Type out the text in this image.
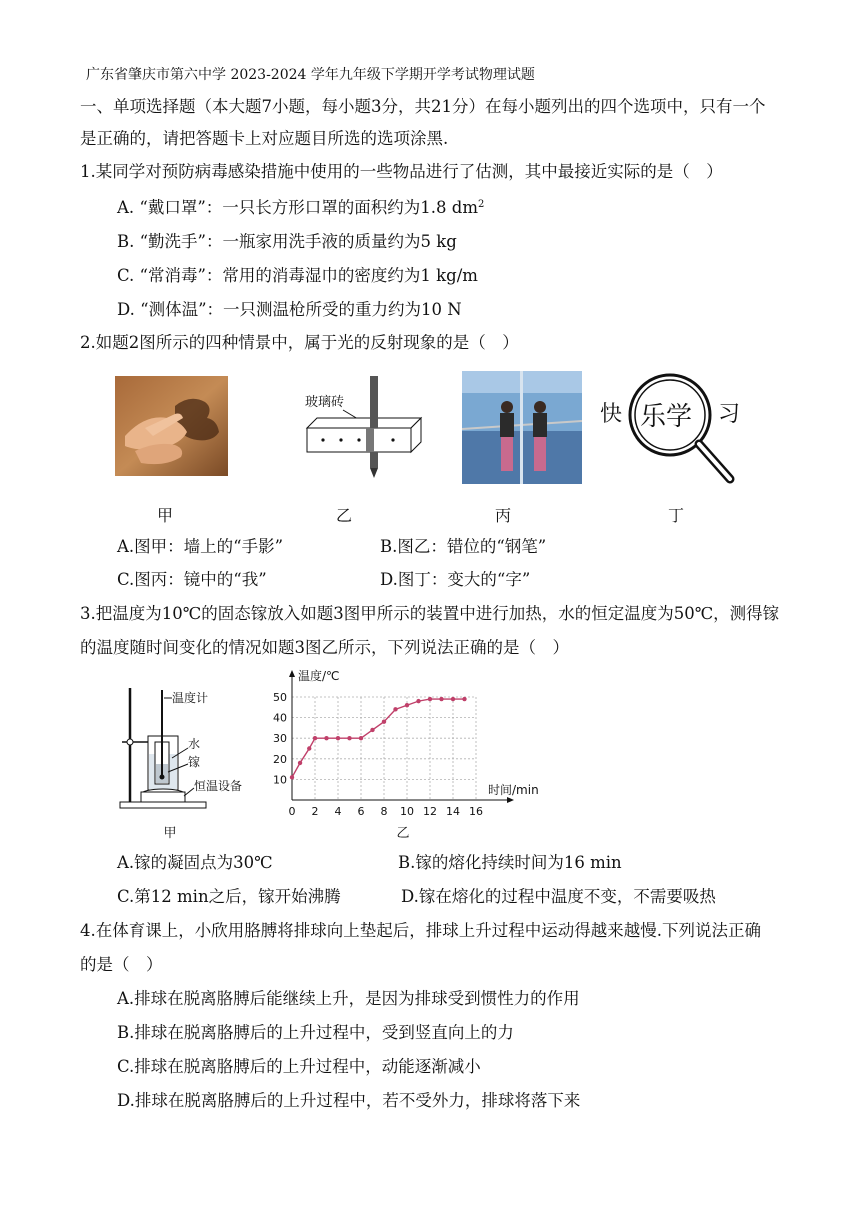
广东省肇庆市第六中学 2023-2024 学年九年级下学期开学考试物理试题
一、单项选择题（本大题7小题，每小题3分，共21分）在每小题列出的四个选项中，只有一个
是正确的，请把答题卡上对应题目所选的选项涂黑.
1.某同学对预防病毒感染措施中使用的一些物品进行了估测，其中最接近实际的是（　）
A. “戴口罩”：一只长方形口罩的面积约为1.8 $dm^2$
B. “勤洗手”：一瓶家用洗手液的质量约为5 kg
C. “常消毒”：常用的消毒湿巾的密度约为1 kg/m
D. “测体温”：一只测温枪所受的重力约为10 N
2.如题2图所示的四种情景中，属于光的反射现象的是（　）
玻璃砖	快 乐学 习
甲	乙	丙	丁
A.图甲：墙上的“手影”	B.图乙：错位的“钢笔”
C.图丙：镜中的“我”	D.图丁：变大的“字”
3.把温度为10℃的固态镓放入如题3图甲所示的装置中进行加热，水的恒定温度为50℃，测得镓
的温度随时间变化的情况如题3图乙所示，下列说法正确的是（　）
温度计
水
镓
恒温设备
0 2 4 6 8 10 12 14 16
10
20
30
40
50
温度/℃
时间/min
甲	乙
A.镓的凝固点为30℃	B.镓的熔化持续时间为16 min
C.第12 min之后，镓开始沸腾	D.镓在熔化的过程中温度不变，不需要吸热
4.在体育课上，小欣用胳膊将排球向上垫起后，排球上升过程中运动得越来越慢.下列说法正确
的是（　）
A.排球在脱离胳膊后能继续上升，是因为排球受到惯性力的作用
B.排球在脱离胳膊后的上升过程中，受到竖直向上的力
C.排球在脱离胳膊后的上升过程中，动能逐渐减小
D.排球在脱离胳膊后的上升过程中，若不受外力，排球将落下来
